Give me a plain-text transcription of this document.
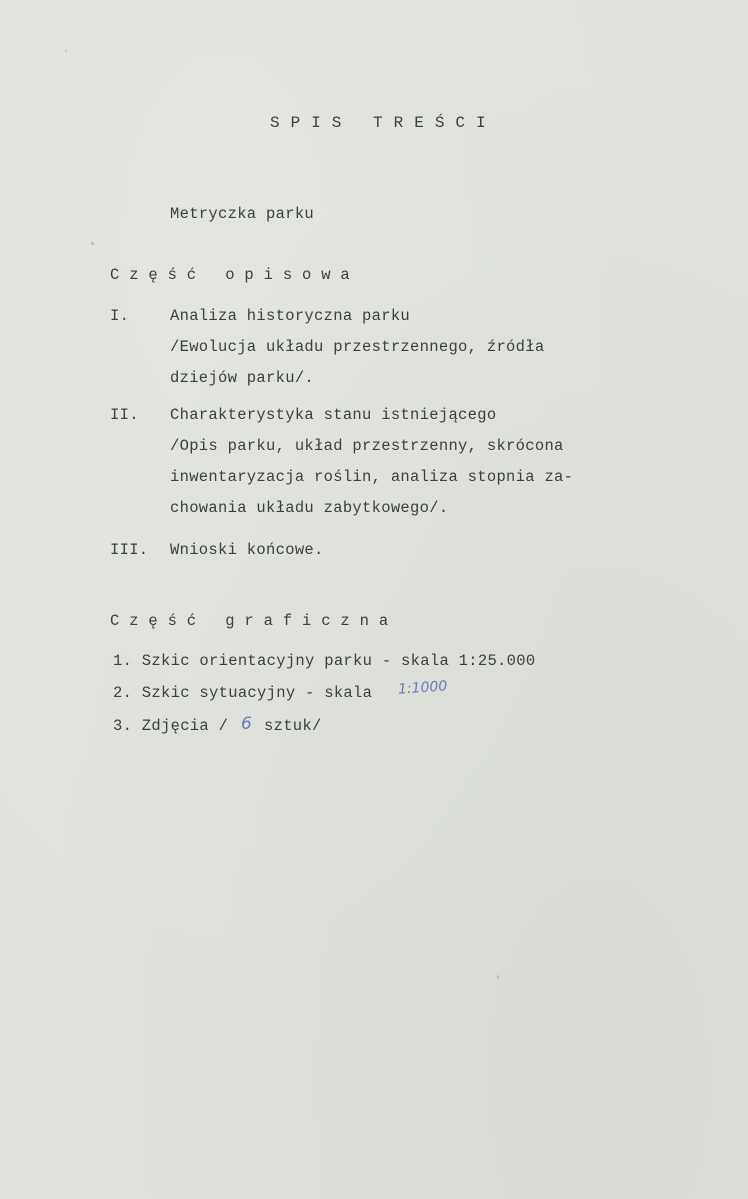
S P I S   T R E Ś C I
Metryczka parku
C z ę ś ć   o p i s o w a
I.	Analiza historyczna parku
/Ewolucja układu przestrzennego, źródła
dziejów parku/.
II. Charakterystyka stanu istniejącego
/Opis parku, układ przestrzenny, skrócona
inwentaryzacja roślin, analiza stopnia za-
chowania układu zabytkowego/.
III. Wnioski końcowe.
C z ę ś ć   g r a f i c z n a
1. Szkic orientacyjny parku - skala 1:25.000
2. Szkic sytuacyjny - skala 1:1000
3. Zdjęcia / 6 sztuk/
